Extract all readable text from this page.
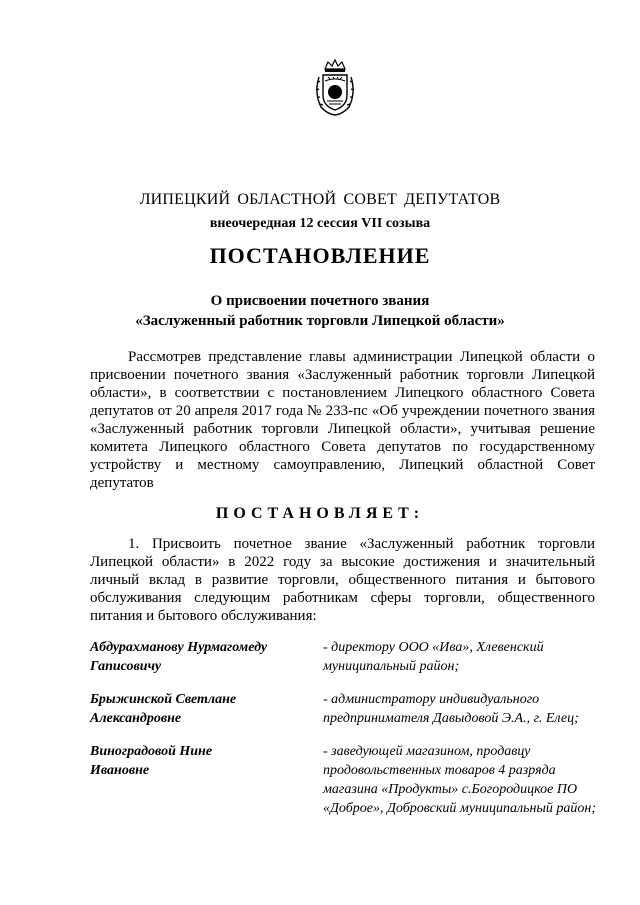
ЛИПЕЦКИЙ ОБЛАСТНОЙ СОВЕТ ДЕПУТАТОВ
внеочередная 12 сессия VII созыва
ПОСТАНОВЛЕНИЕ
О присвоении почетного звания
«Заслуженный работник торговли Липецкой области»
Рассмотрев представление главы администрации Липецкой области о присвоении почетного звания «Заслуженный работник торговли Липецкой области», в соответствии с постановлением Липецкого областного Совета депутатов от 20 апреля 2017 года № 233-пс «Об учреждении почетного звания «Заслуженный работник торговли Липецкой области», учитывая решение комитета Липецкого областного Совета депутатов по государственному устройству и местному самоуправлению, Липецкий областной Совет депутатов
ПОСТАНОВЛЯЕТ:
1. Присвоить почетное звание «Заслуженный работник торговли Липецкой области» в 2022 году за высокие достижения и значительный личный вклад в развитие торговли, общественного питания и бытового обслуживания следующим работникам сферы торговли, общественного питания и бытового обслуживания:
Абдурахманову Нурмагомеду
Гаписовичу
- директору ООО «Ива», Хлевенский муниципальный район;
Брыжинской Светлане
Александровне
- администратору индивидуального предпринимателя Давыдовой Э.А., г. Елец;
Виноградовой Нине
Ивановне
- заведующей магазином, продавцу продовольственных товаров 4 разряда магазина «Продукты» с.Богородицкое ПО «Доброе», Добровский муниципальный район;
